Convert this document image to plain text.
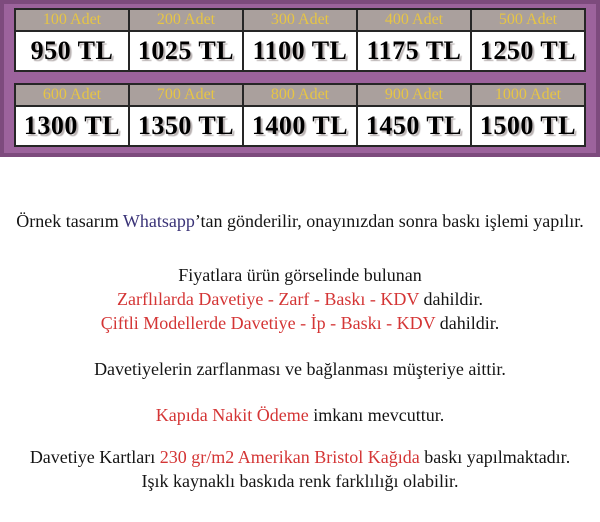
100 Adet	200 Adet	300 Adet	400 Adet	500 Adet
950 TL	1025 TL	1100 TL	1175 TL	1250 TL
600 Adet	700 Adet	800 Adet	900 Adet	1000 Adet
1300 TL	1350 TL	1400 TL	1450 TL	1500 TL

Örnek tasarım Whatsapp’tan gönderilir, onayınızdan sonra baskı işlemi yapılır.

Fiyatlara ürün görselinde bulunan

Zarflılarda Davetiye - Zarf - Baskı - KDV dahildir.

Çiftli Modellerde Davetiye - İp - Baskı - KDV dahildir.

Davetiyelerin zarflanması ve bağlanması müşteriye aittir.

Kapıda Nakit Ödeme imkanı mevcuttur.

Davetiye Kartları 230 gr/m2 Amerikan Bristol Kağıda baskı yapılmaktadır.

Işık kaynaklı baskıda renk farklılığı olabilir.
